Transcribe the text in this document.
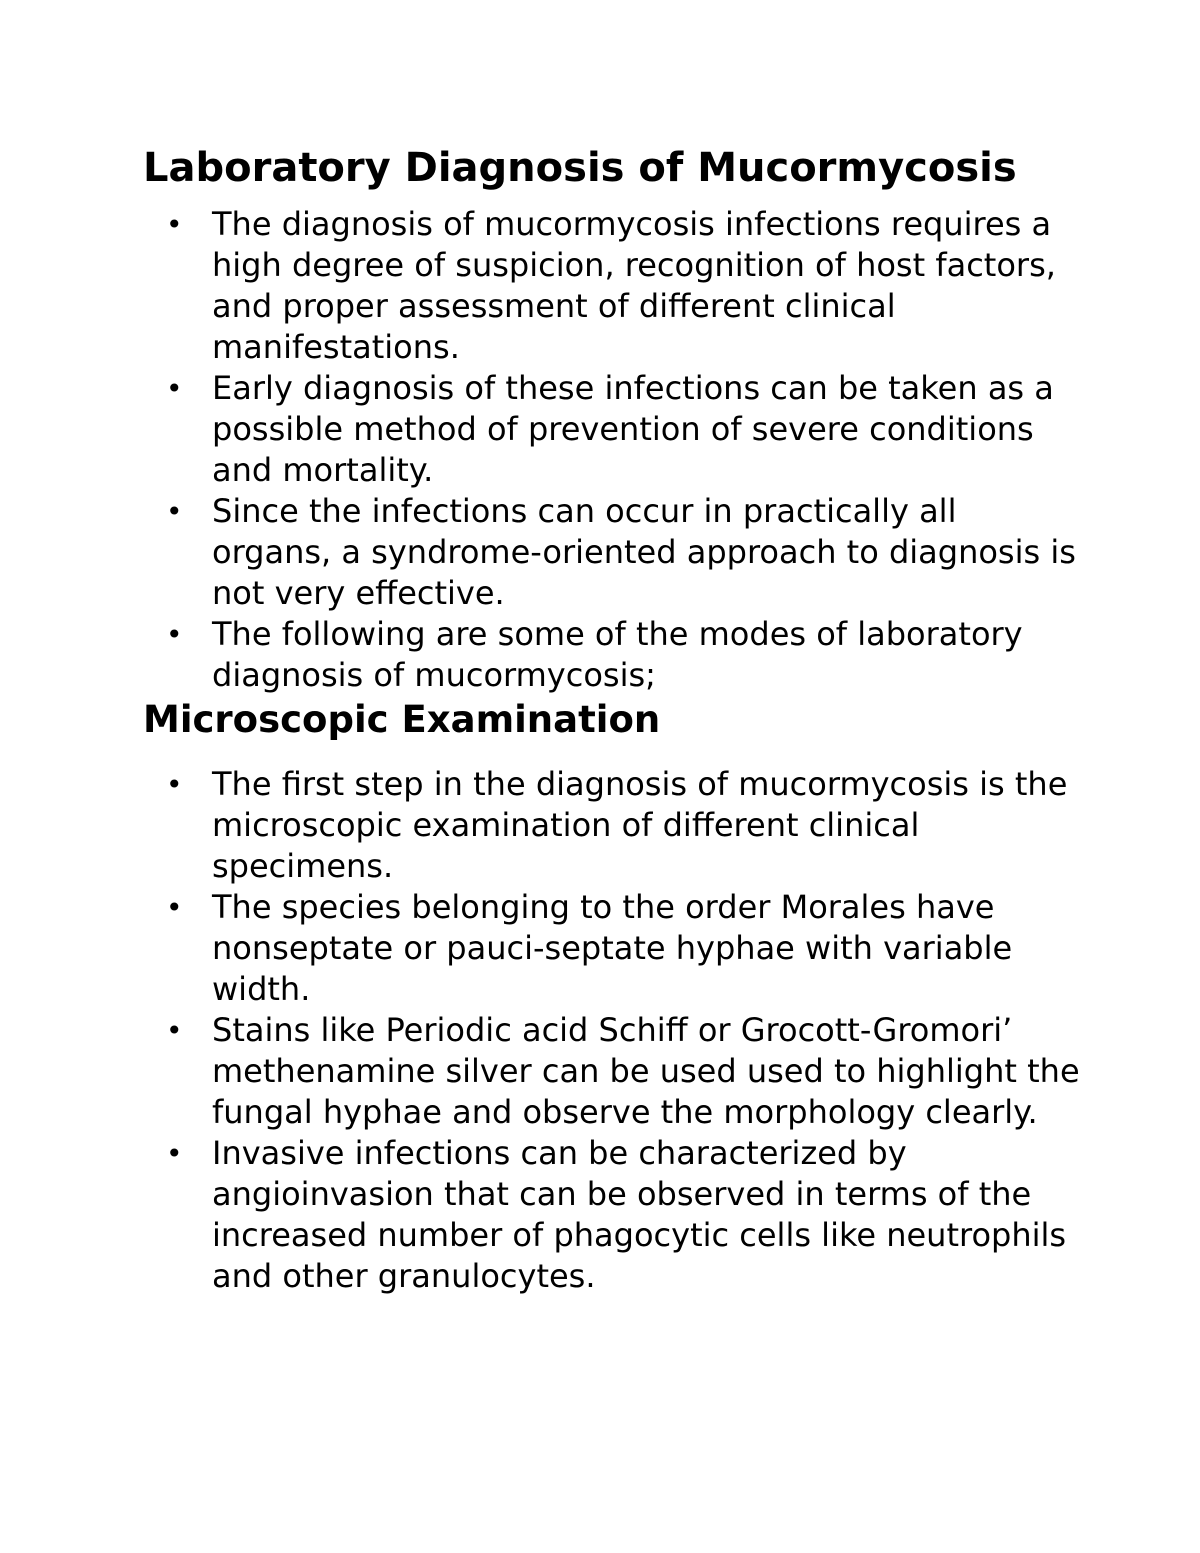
Laboratory Diagnosis of Mucormycosis
• The diagnosis of mucormycosis infections requires a high degree of suspicion, recognition of host factors, and proper assessment of different clinical manifestations.
• Early diagnosis of these infections can be taken as a possible method of prevention of severe conditions and mortality.
• Since the infections can occur in practically all organs, a syndrome-oriented approach to diagnosis is not very effective.
• The following are some of the modes of laboratory diagnosis of mucormycosis;
Microscopic Examination
• The first step in the diagnosis of mucormycosis is the microscopic examination of different clinical specimens.
• The species belonging to the order Morales have nonseptate or pauci-septate hyphae with variable width.
• Stains like Periodic acid Schiff or Grocott-Gromori’ methenamine silver can be used used to highlight the fungal hyphae and observe the morphology clearly.
• Invasive infections can be characterized by angioinvasion that can be observed in terms of the increased number of phagocytic cells like neutrophils and other granulocytes.
